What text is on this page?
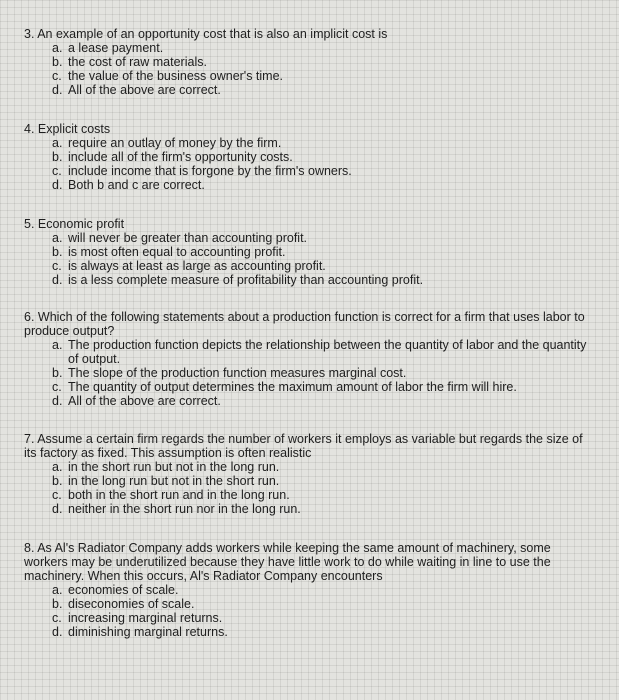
3. An example of an opportunity cost that is also an implicit cost is

a. a lease payment.
b. the cost of raw materials.
c. the value of the business owner's time.
d. All of the above are correct.

4. Explicit costs

a. require an outlay of money by the firm.
b. include all of the firm's opportunity costs.
c. include income that is forgone by the firm's owners.
d. Both b and c are correct.

5. Economic profit

a. will never be greater than accounting profit.
b. is most often equal to accounting profit.
c. is always at least as large as accounting profit.
d. is a less complete measure of profitability than accounting profit.

6. Which of the following statements about a production function is correct for a firm that uses labor to produce output?

a. The production function depicts the relationship between the quantity of labor and the quantity of output.
b. The slope of the production function measures marginal cost.
c. The quantity of output determines the maximum amount of labor the firm will hire.
d. All of the above are correct.

7. Assume a certain firm regards the number of workers it employs as variable but regards the size of its factory as fixed. This assumption is often realistic

a. in the short run but not in the long run.
b. in the long run but not in the short run.
c. both in the short run and in the long run.
d. neither in the short run nor in the long run.

8. As Al's Radiator Company adds workers while keeping the same amount of machinery, some workers may be underutilized because they have little work to do while waiting in line to use the machinery. When this occurs, Al's Radiator Company encounters

a. economies of scale.
b. diseconomies of scale.
c. increasing marginal returns.
d. diminishing marginal returns.
